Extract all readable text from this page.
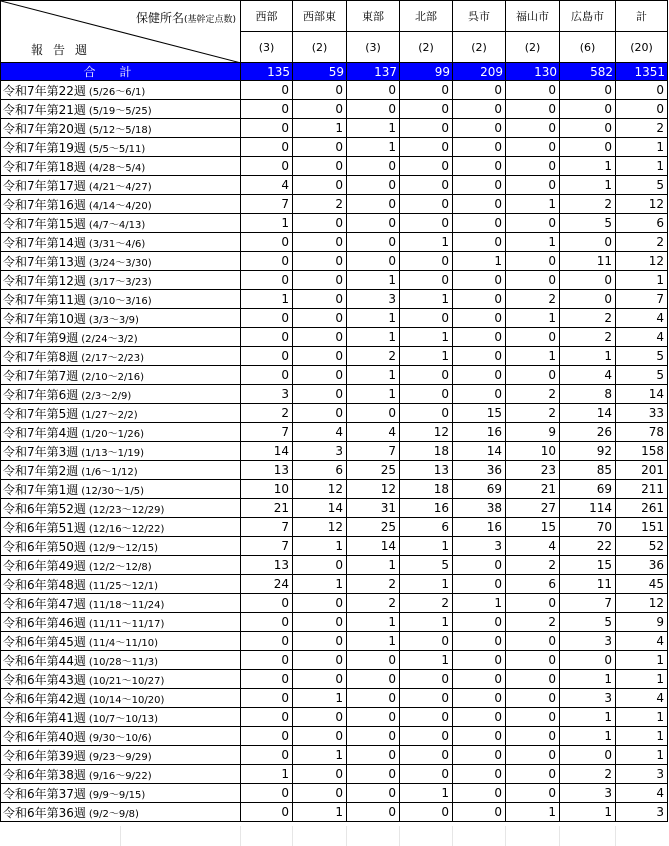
保健所名(基幹定点数)
報告週	西部	西部東	東部	北部	呉市	福山市	広島市	計
	(3)	(2)	(3)	(2)	(2)	(2)	(6)	(20)
合計	135	59	137	99	209	130	582	1351
令和7年第22週 (5/26～6/1)	0	0	0	0	0	0	0	0
令和7年第21週 (5/19～5/25)	0	0	0	0	0	0	0	0
令和7年第20週 (5/12～5/18)	0	1	1	0	0	0	0	2
令和7年第19週 (5/5～5/11)	0	0	1	0	0	0	0	1
令和7年第18週 (4/28～5/4)	0	0	0	0	0	0	1	1
令和7年第17週 (4/21～4/27)	4	0	0	0	0	0	1	5
令和7年第16週 (4/14～4/20)	7	2	0	0	0	1	2	12
令和7年第15週 (4/7～4/13)	1	0	0	0	0	0	5	6
令和7年第14週 (3/31～4/6)	0	0	0	1	0	1	0	2
令和7年第13週 (3/24～3/30)	0	0	0	0	1	0	11	12
令和7年第12週 (3/17～3/23)	0	0	1	0	0	0	0	1
令和7年第11週 (3/10～3/16)	1	0	3	1	0	2	0	7
令和7年第10週 (3/3～3/9)	0	0	1	0	0	1	2	4
令和7年第9週 (2/24～3/2)	0	0	1	1	0	0	2	4
令和7年第8週 (2/17～2/23)	0	0	2	1	0	1	1	5
令和7年第7週 (2/10～2/16)	0	0	1	0	0	0	4	5
令和7年第6週 (2/3～2/9)	3	0	1	0	0	2	8	14
令和7年第5週 (1/27～2/2)	2	0	0	0	15	2	14	33
令和7年第4週 (1/20～1/26)	7	4	4	12	16	9	26	78
令和7年第3週 (1/13～1/19)	14	3	7	18	14	10	92	158
令和7年第2週 (1/6～1/12)	13	6	25	13	36	23	85	201
令和7年第1週 (12/30～1/5)	10	12	12	18	69	21	69	211
令和6年第52週 (12/23～12/29)	21	14	31	16	38	27	114	261
令和6年第51週 (12/16～12/22)	7	12	25	6	16	15	70	151
令和6年第50週 (12/9～12/15)	7	1	14	1	3	4	22	52
令和6年第49週 (12/2～12/8)	13	0	1	5	0	2	15	36
令和6年第48週 (11/25～12/1)	24	1	2	1	0	6	11	45
令和6年第47週 (11/18～11/24)	0	0	2	2	1	0	7	12
令和6年第46週 (11/11～11/17)	0	0	1	1	0	2	5	9
令和6年第45週 (11/4～11/10)	0	0	1	0	0	0	3	4
令和6年第44週 (10/28～11/3)	0	0	0	1	0	0	0	1
令和6年第43週 (10/21～10/27)	0	0	0	0	0	0	1	1
令和6年第42週 (10/14～10/20)	0	1	0	0	0	0	3	4
令和6年第41週 (10/7～10/13)	0	0	0	0	0	0	1	1
令和6年第40週 (9/30～10/6)	0	0	0	0	0	0	1	1
令和6年第39週 (9/23～9/29)	0	1	0	0	0	0	0	1
令和6年第38週 (9/16～9/22)	1	0	0	0	0	0	2	3
令和6年第37週 (9/9～9/15)	0	0	0	1	0	0	3	4
令和6年第36週 (9/2～9/8)	0	1	0	0	0	1	1	3
